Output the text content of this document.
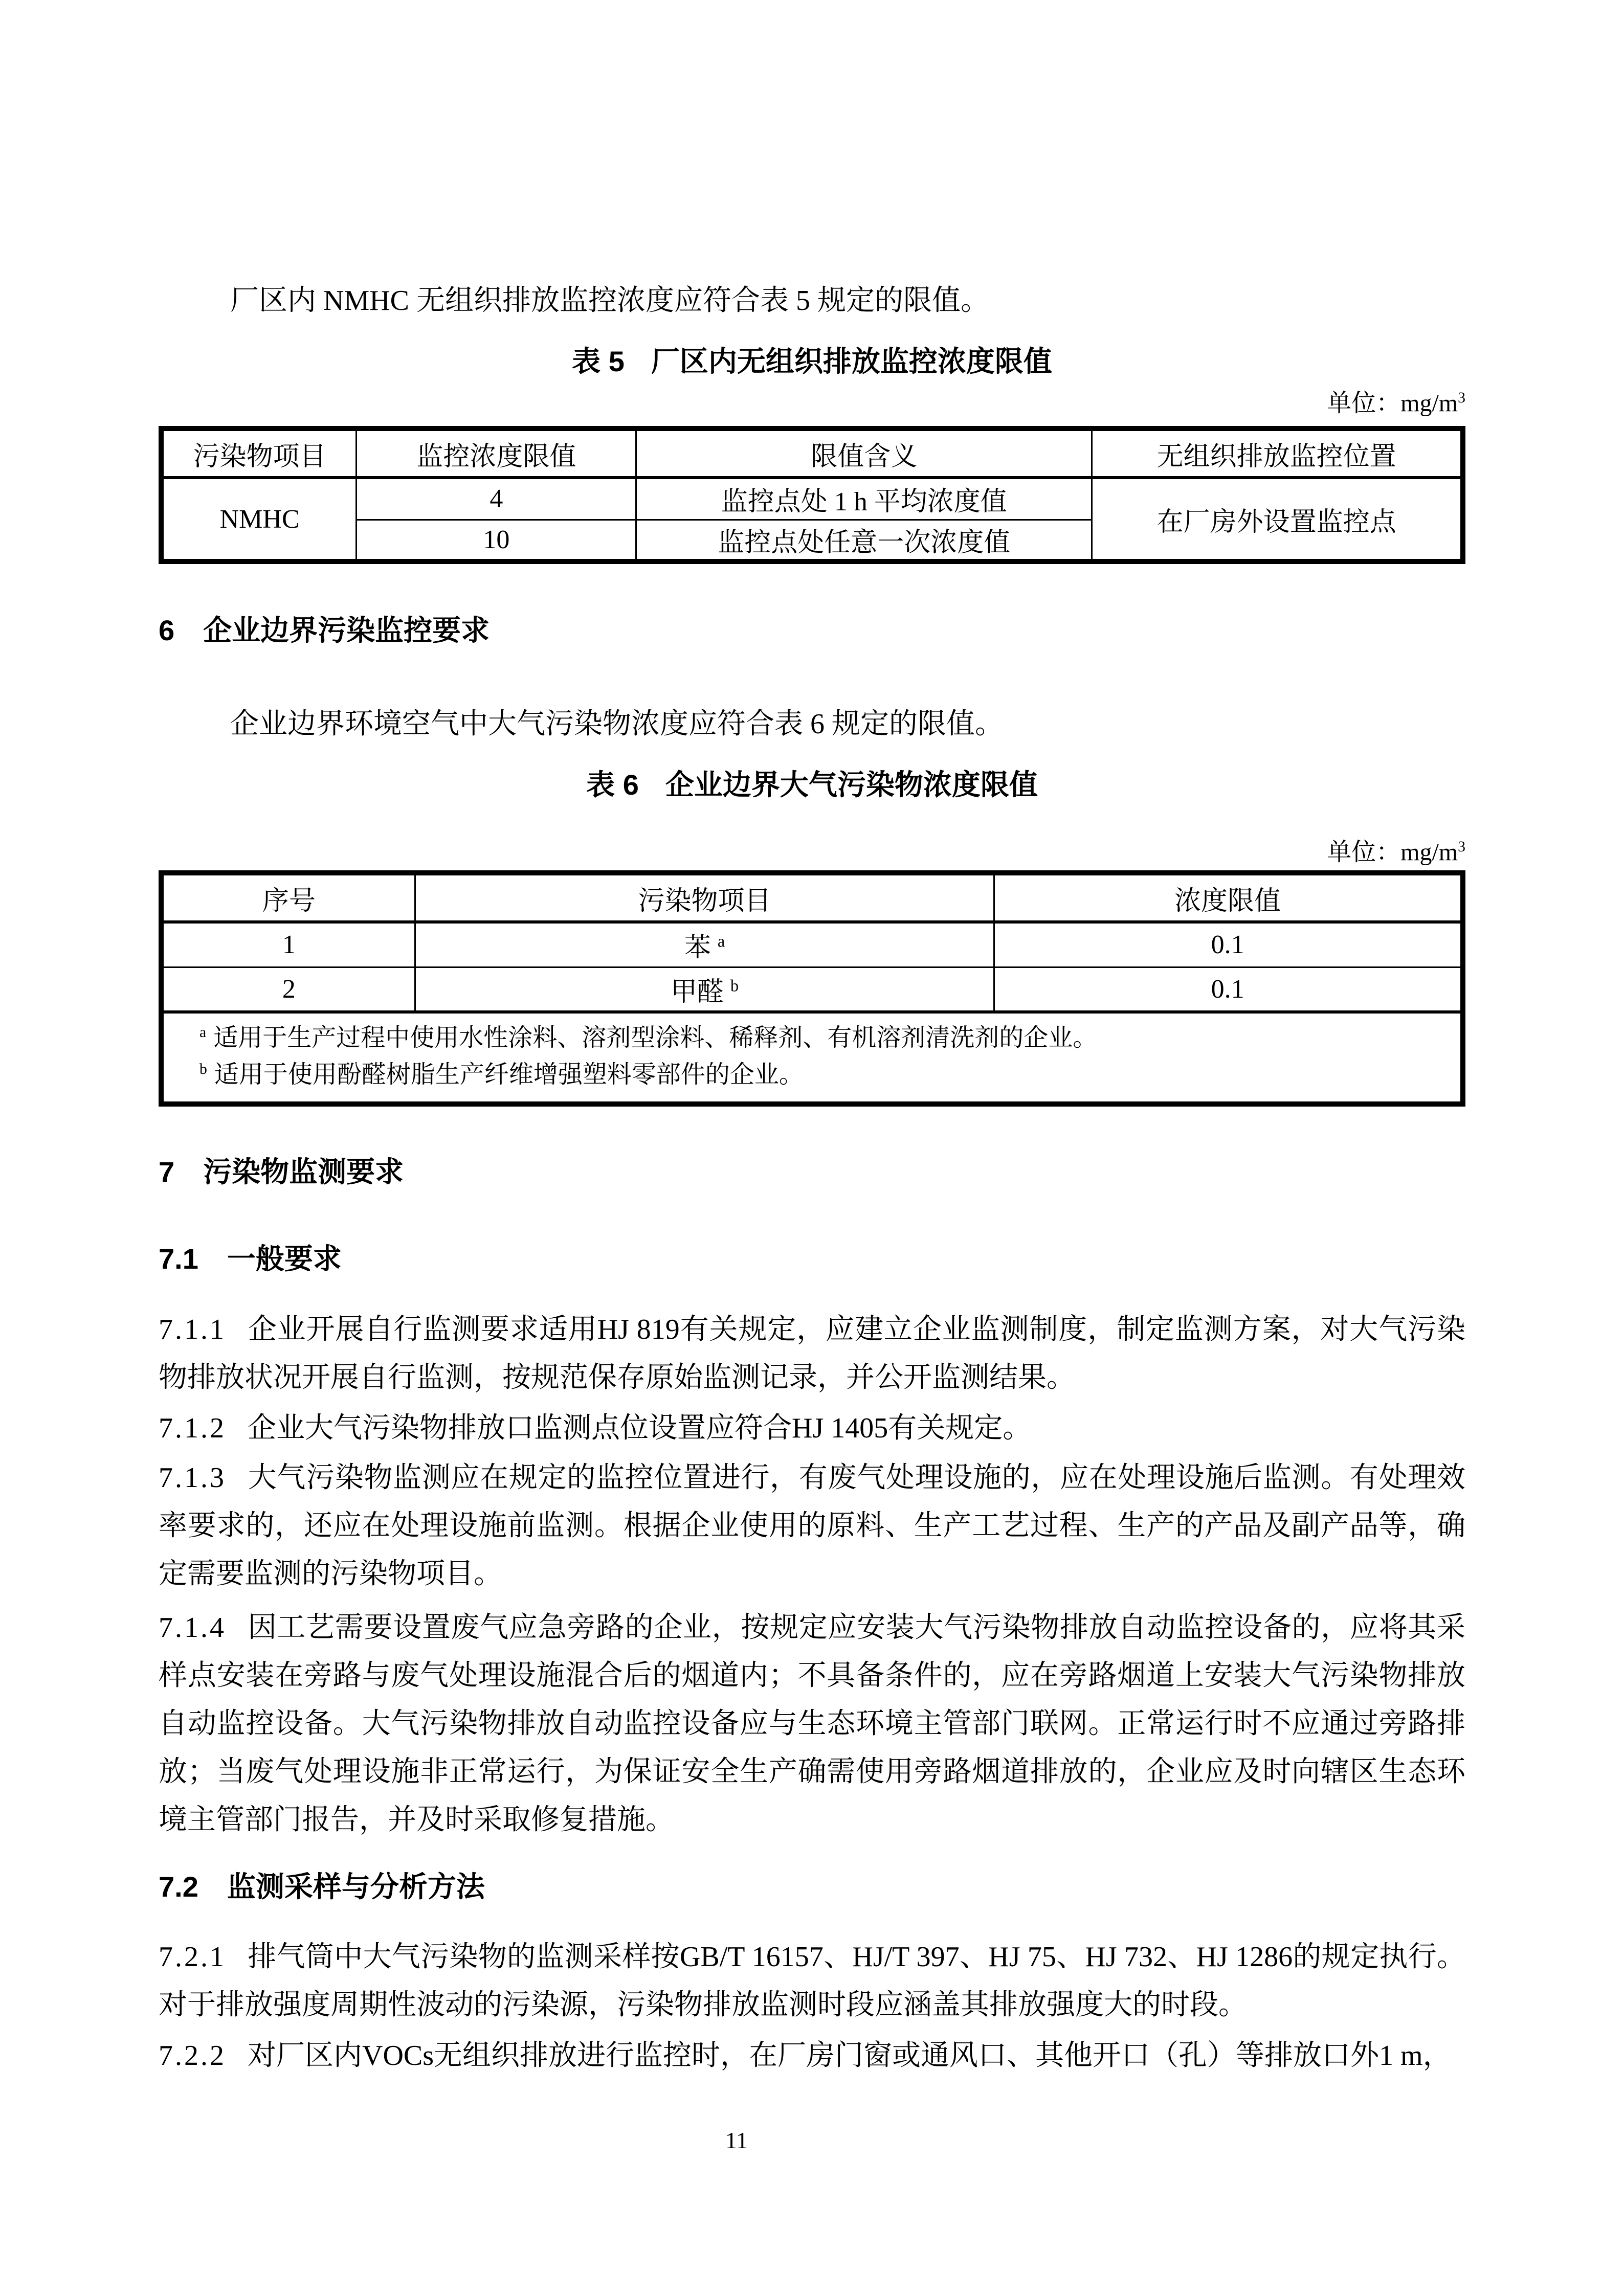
厂区内 NMHC 无组织排放监控浓度应符合表 5 规定的限值。

表 5 厂区内无组织排放监控浓度限值
单位：$mg/m^3$
污染物项目	监控浓度限值	限值含义	无组织排放监控位置
NMHC	4	监控点处 1 h 平均浓度值	在厂房外设置监控点
	10	监控点处任意一次浓度值	
6 企业边界污染监控要求

企业边界环境空气中大气污染物浓度应符合表 6 规定的限值。

表 6 企业边界大气污染物浓度限值
单位：$mg/m^3$
序号	污染物项目	浓度限值
1	苯 $^a$	0.1
2	甲醛 $^b$	0.1

$^a$ 适用于生产过程中使用水性涂料、溶剂型涂料、稀释剂、有机溶剂清洗剂的企业。
$^b$ 适用于使用酚醛树脂生产纤维增强塑料零部件的企业。		
7 污染物监测要求
7.1 一般要求

7.1.1 企业开展自行监测要求适用HJ 819有关规定，应建立企业监测制度，制定监测方案，对大气污染物排放状况开展自行监测，按规范保存原始监测记录，并公开监测结果。

7.1.2 企业大气污染物排放口监测点位设置应符合HJ 1405有关规定。

7.1.3 大气污染物监测应在规定的监控位置进行，有废气处理设施的，应在处理设施后监测。有处理效率要求的，还应在处理设施前监测。根据企业使用的原料、生产工艺过程、生产的产品及副产品等，确定需要监测的污染物项目。

7.1.4 因工艺需要设置废气应急旁路的企业，按规定应安装大气污染物排放自动监控设备的，应将其采样点安装在旁路与废气处理设施混合后的烟道内；不具备条件的，应在旁路烟道上安装大气污染物排放自动监控设备。大气污染物排放自动监控设备应与生态环境主管部门联网。正常运行时不应通过旁路排放；当废气处理设施非正常运行，为保证安全生产确需使用旁路烟道排放的，企业应及时向辖区生态环境主管部门报告，并及时采取修复措施。

7.2 监测采样与分析方法

7.2.1 排气筒中大气污染物的监测采样按GB/T 16157、HJ/T 397、HJ 75、HJ 732、HJ 1286的规定执行。对于排放强度周期性波动的污染源，污染物排放监测时段应涵盖其排放强度大的时段。

7.2.2 对厂区内VOCs无组织排放进行监控时，在厂房门窗或通风口、其他开口（孔）等排放口外1 m，

11
